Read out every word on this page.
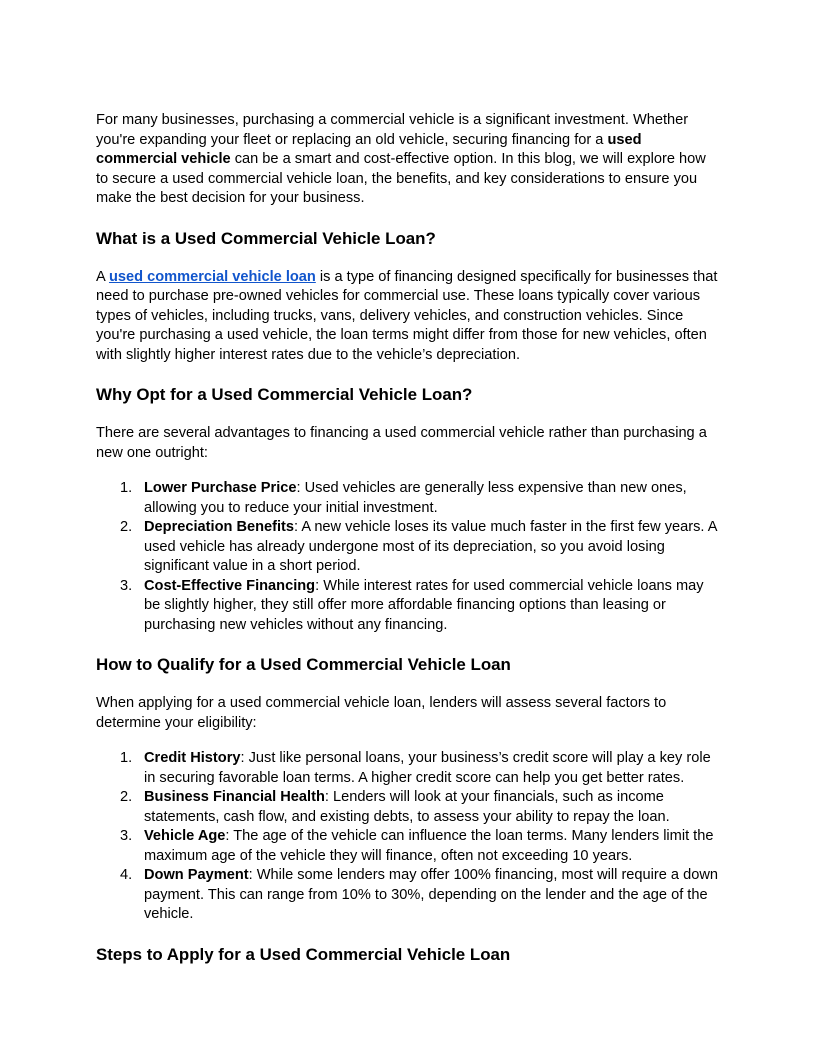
For many businesses, purchasing a commercial vehicle is a significant investment. Whether you're expanding your fleet or replacing an old vehicle, securing financing for a used commercial vehicle can be a smart and cost-effective option. In this blog, we will explore how to secure a used commercial vehicle loan, the benefits, and key considerations to ensure you make the best decision for your business.

What is a Used Commercial Vehicle Loan?

A used commercial vehicle loan is a type of financing designed specifically for businesses that need to purchase pre-owned vehicles for commercial use. These loans typically cover various types of vehicles, including trucks, vans, delivery vehicles, and construction vehicles. Since you're purchasing a used vehicle, the loan terms might differ from those for new vehicles, often with slightly higher interest rates due to the vehicle’s depreciation.

Why Opt for a Used Commercial Vehicle Loan?

There are several advantages to financing a used commercial vehicle rather than purchasing a new one outright:

1. Lower Purchase Price: Used vehicles are generally less expensive than new ones, allowing you to reduce your initial investment.
2. Depreciation Benefits: A new vehicle loses its value much faster in the first few years. A used vehicle has already undergone most of its depreciation, so you avoid losing significant value in a short period.
3. Cost-Effective Financing: While interest rates for used commercial vehicle loans may be slightly higher, they still offer more affordable financing options than leasing or purchasing new vehicles without any financing.
How to Qualify for a Used Commercial Vehicle Loan

When applying for a used commercial vehicle loan, lenders will assess several factors to determine your eligibility:

1. Credit History: Just like personal loans, your business’s credit score will play a key role in securing favorable loan terms. A higher credit score can help you get better rates.
2. Business Financial Health: Lenders will look at your financials, such as income statements, cash flow, and existing debts, to assess your ability to repay the loan.
3. Vehicle Age: The age of the vehicle can influence the loan terms. Many lenders limit the maximum age of the vehicle they will finance, often not exceeding 10 years.
4. Down Payment: While some lenders may offer 100% financing, most will require a down payment. This can range from 10% to 30%, depending on the lender and the age of the vehicle.
Steps to Apply for a Used Commercial Vehicle Loan
